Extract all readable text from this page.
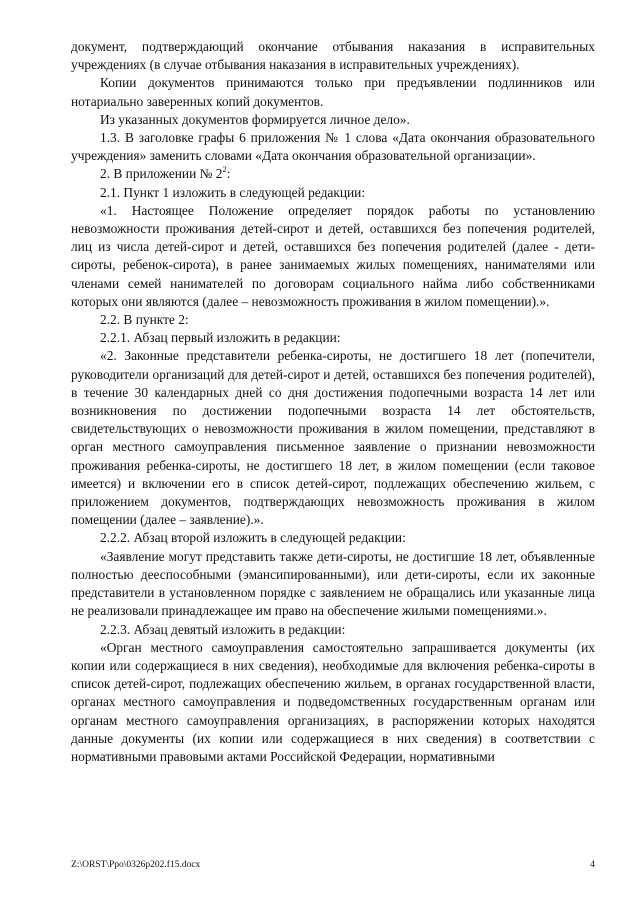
документ, подтверждающий окончание отбывания наказания в исправительных учреждениях (в случае отбывания наказания в исправительных учреждениях).

Копии документов принимаются только при предъявлении подлинников или нотариально заверенных копий документов.

Из указанных документов формируется личное дело».

1.3. В заголовке графы 6 приложения № 1 слова «Дата окончания образовательного учреждения» заменить словами «Дата окончания образовательной организации».

2. В приложении № $2^2$:

2.1. Пункт 1 изложить в следующей редакции:

«1. Настоящее Положение определяет порядок работы по установлению невозможности проживания детей-сирот и детей, оставшихся без попечения родителей, лиц из числа детей-сирот и детей, оставшихся без попечения родителей (далее - дети-сироты, ребенок-сирота), в ранее занимаемых жилых помещениях, нанимателями или членами семей нанимателей по договорам социального найма либо собственниками которых они являются (далее – невозможность проживания в жилом помещении).».

2.2. В пункте 2:

2.2.1. Абзац первый изложить в редакции:

«2. Законные представители ребенка-сироты, не достигшего 18 лет (попечители, руководители организаций для детей-сирот и детей, оставшихся без попечения родителей), в течение 30 календарных дней со дня достижения подопечными возраста 14 лет или возникновения по достижении подопечными возраста 14 лет обстоятельств, свидетельствующих о невозможности проживания в жилом помещении, представляют в орган местного самоуправления письменное заявление о признании невозможности проживания ребенка-сироты, не достигшего 18 лет, в жилом помещении (если таковое имеется) и включении его в список детей-сирот, подлежащих обеспечению жильем, с приложением документов, подтверждающих невозможность проживания в жилом помещении (далее – заявление).».

2.2.2. Абзац второй изложить в следующей редакции:

«Заявление могут представить также дети-сироты, не достигшие 18 лет, объявленные полностью дееспособными (эмансипированными), или дети-сироты, если их законные представители в установленном порядке с заявлением не обращались или указанные лица не реализовали принадлежащее им право на обеспечение жилыми помещениями.».

2.2.3. Абзац девятый изложить в редакции:

«Орган местного самоуправления самостоятельно запрашивается документы (их копии или содержащиеся в них сведения), необходимые для включения ребенка-сироты в список детей-сирот, подлежащих обеспечению жильем, в органах государственной власти, органах местного самоуправления и подведомственных государственным органам или органам местного самоуправления организациях, в распоряжении которых находятся данные документы (их копии или содержащиеся в них сведения) в соответствии с нормативными правовыми актами Российской Федерации, нормативными

Z:\ORST\Ppo\0326p202.f15.docx	4
